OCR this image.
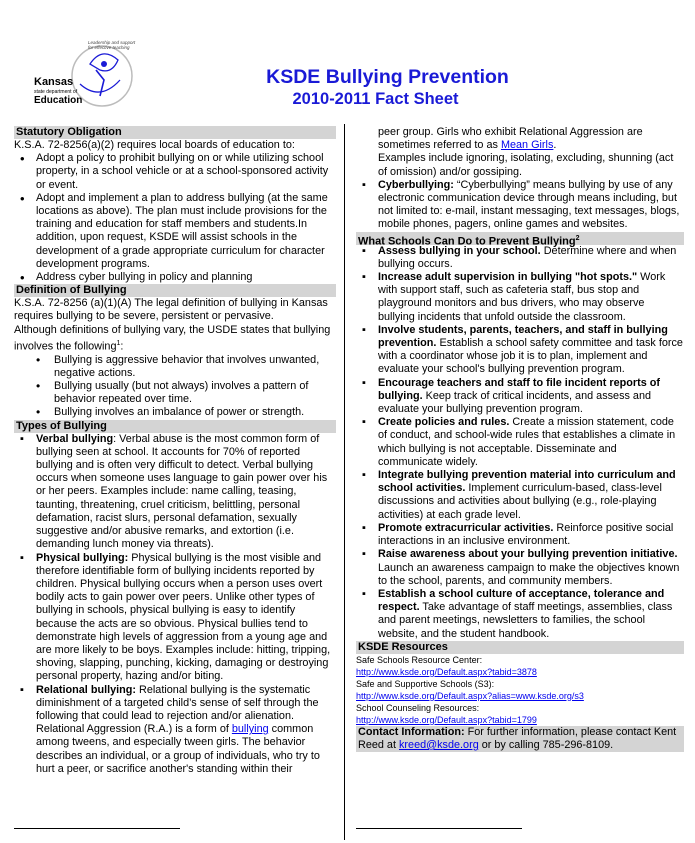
Kansas
state department of
Education
Leadership and support for effective teaching
KSDE Bullying Prevention
2010-2011 Fact Sheet
Statutory Obligation

K.S.A. 72-8256(a)(2) requires local boards of education to:

• Adopt a policy to prohibit bullying on or while utilizing school property, in a school vehicle or at a school-sponsored activity or event.
• Adopt and implement a plan to address bullying (at the same locations as above). The plan must include provisions for the training and education for staff members and students.In addition, upon request, KSDE will assist schools in the development of a grade appropriate curriculum for character development programs.
• Address cyber bullying in policy and planning
Definition of Bullying

K.S.A. 72-8256 (a)(1)(A) The legal definition of bullying in Kansas requires bullying to be severe, persistent or pervasive.

Although definitions of bullying vary, the USDE states that bullying involves the following$^1$:

• Bullying is aggressive behavior that involves unwanted, negative actions.
• Bullying usually (but not always) involves a pattern of behavior repeated over time.
• Bullying involves an imbalance of power or strength.
Types of Bullying
▪ Verbal bullying: Verbal abuse is the most common form of bullying seen at school. It accounts for 70% of reported bullying and is often very difficult to detect. Verbal bullying occurs when someone uses language to gain power over his or her peers. Examples include: name calling, teasing, taunting, threatening, cruel criticism, belittling, personal defamation, racist slurs, personal defamation, sexually suggestive and/or abusive remarks, and extortion (i.e. demanding lunch money via threats).
▪ Physical bullying: Physical bullying is the most visible and therefore identifiable form of bullying incidents reported by children. Physical bullying occurs when a person uses overt bodily acts to gain power over peers. Unlike other types of bullying in schools, physical bullying is easy to identify because the acts are so obvious. Physical bullies tend to demonstrate high levels of aggression from a young age and are more likely to be boys. Examples include: hitting, tripping, shoving, slapping, punching, kicking, damaging or destroying personal property, hazing and/or biting.
▪ Relational bullying: Relational bullying is the systematic diminishment of a targeted child’s sense of self through the following that could lead to rejection and/or alienation. Relational Aggression (R.A.) is a form of bullying common among tweens, and especially tween girls. The behavior describes an individual, or a group of individuals, who try to hurt a peer, or sacrifice another's standing within their
peer group. Girls who exhibit Relational Aggression are sometimes referred to as Mean Girls.
Examples include ignoring, isolating, excluding, shunning (act of omission) and/or gossiping.
▪ Cyberbullying: “Cyberbullying” means bullying by use of any electronic communication device through means including, but not limited to: e-mail, instant messaging, text messages, blogs, mobile phones, pagers, online games and websites.
What Schools Can Do to Prevent Bullying$^2$
▪ Assess bullying in your school. Determine where and when bullying occurs.
▪ Increase adult supervision in bullying "hot spots." Work with support staff, such as cafeteria staff, bus stop and playground monitors and bus drivers, who may observe bullying incidents that unfold outside the classroom.
▪ Involve students, parents, teachers, and staff in bullying prevention. Establish a school safety committee and task force with a coordinator whose job it is to plan, implement and evaluate your school's bullying prevention program.
▪ Encourage teachers and staff to file incident reports of bullying. Keep track of critical incidents, and assess and evaluate your bullying prevention program.
▪ Create policies and rules. Create a mission statement, code of conduct, and school-wide rules that establishes a climate in which bullying is not acceptable. Disseminate and communicate widely.
▪ Integrate bullying prevention material into curriculum and school activities. Implement curriculum-based, class-level discussions and activities about bullying (e.g., role-playing activities) at each grade level.
▪ Promote extracurricular activities. Reinforce positive social interactions in an inclusive environment.
▪ Raise awareness about your bullying prevention initiative. Launch an awareness campaign to make the objectives known to the school, parents, and community members.
▪ Establish a school culture of acceptance, tolerance and respect. Take advantage of staff meetings, assemblies, class and parent meetings, newsletters to families, the school website, and the student handbook.
KSDE Resources
Safe Schools Resource Center:
http://www.ksde.org/Default.aspx?tabid=3878
Safe and Supportive Schools (S3):
http://www.ksde.org/Default.aspx?alias=www.ksde.org/s3
School Counseling Resources:
http://www.ksde.org/Default.aspx?tabid=1799
Contact Information: For further information, please contact Kent Reed at kreed@ksde.org or by calling 785-296-8109.
